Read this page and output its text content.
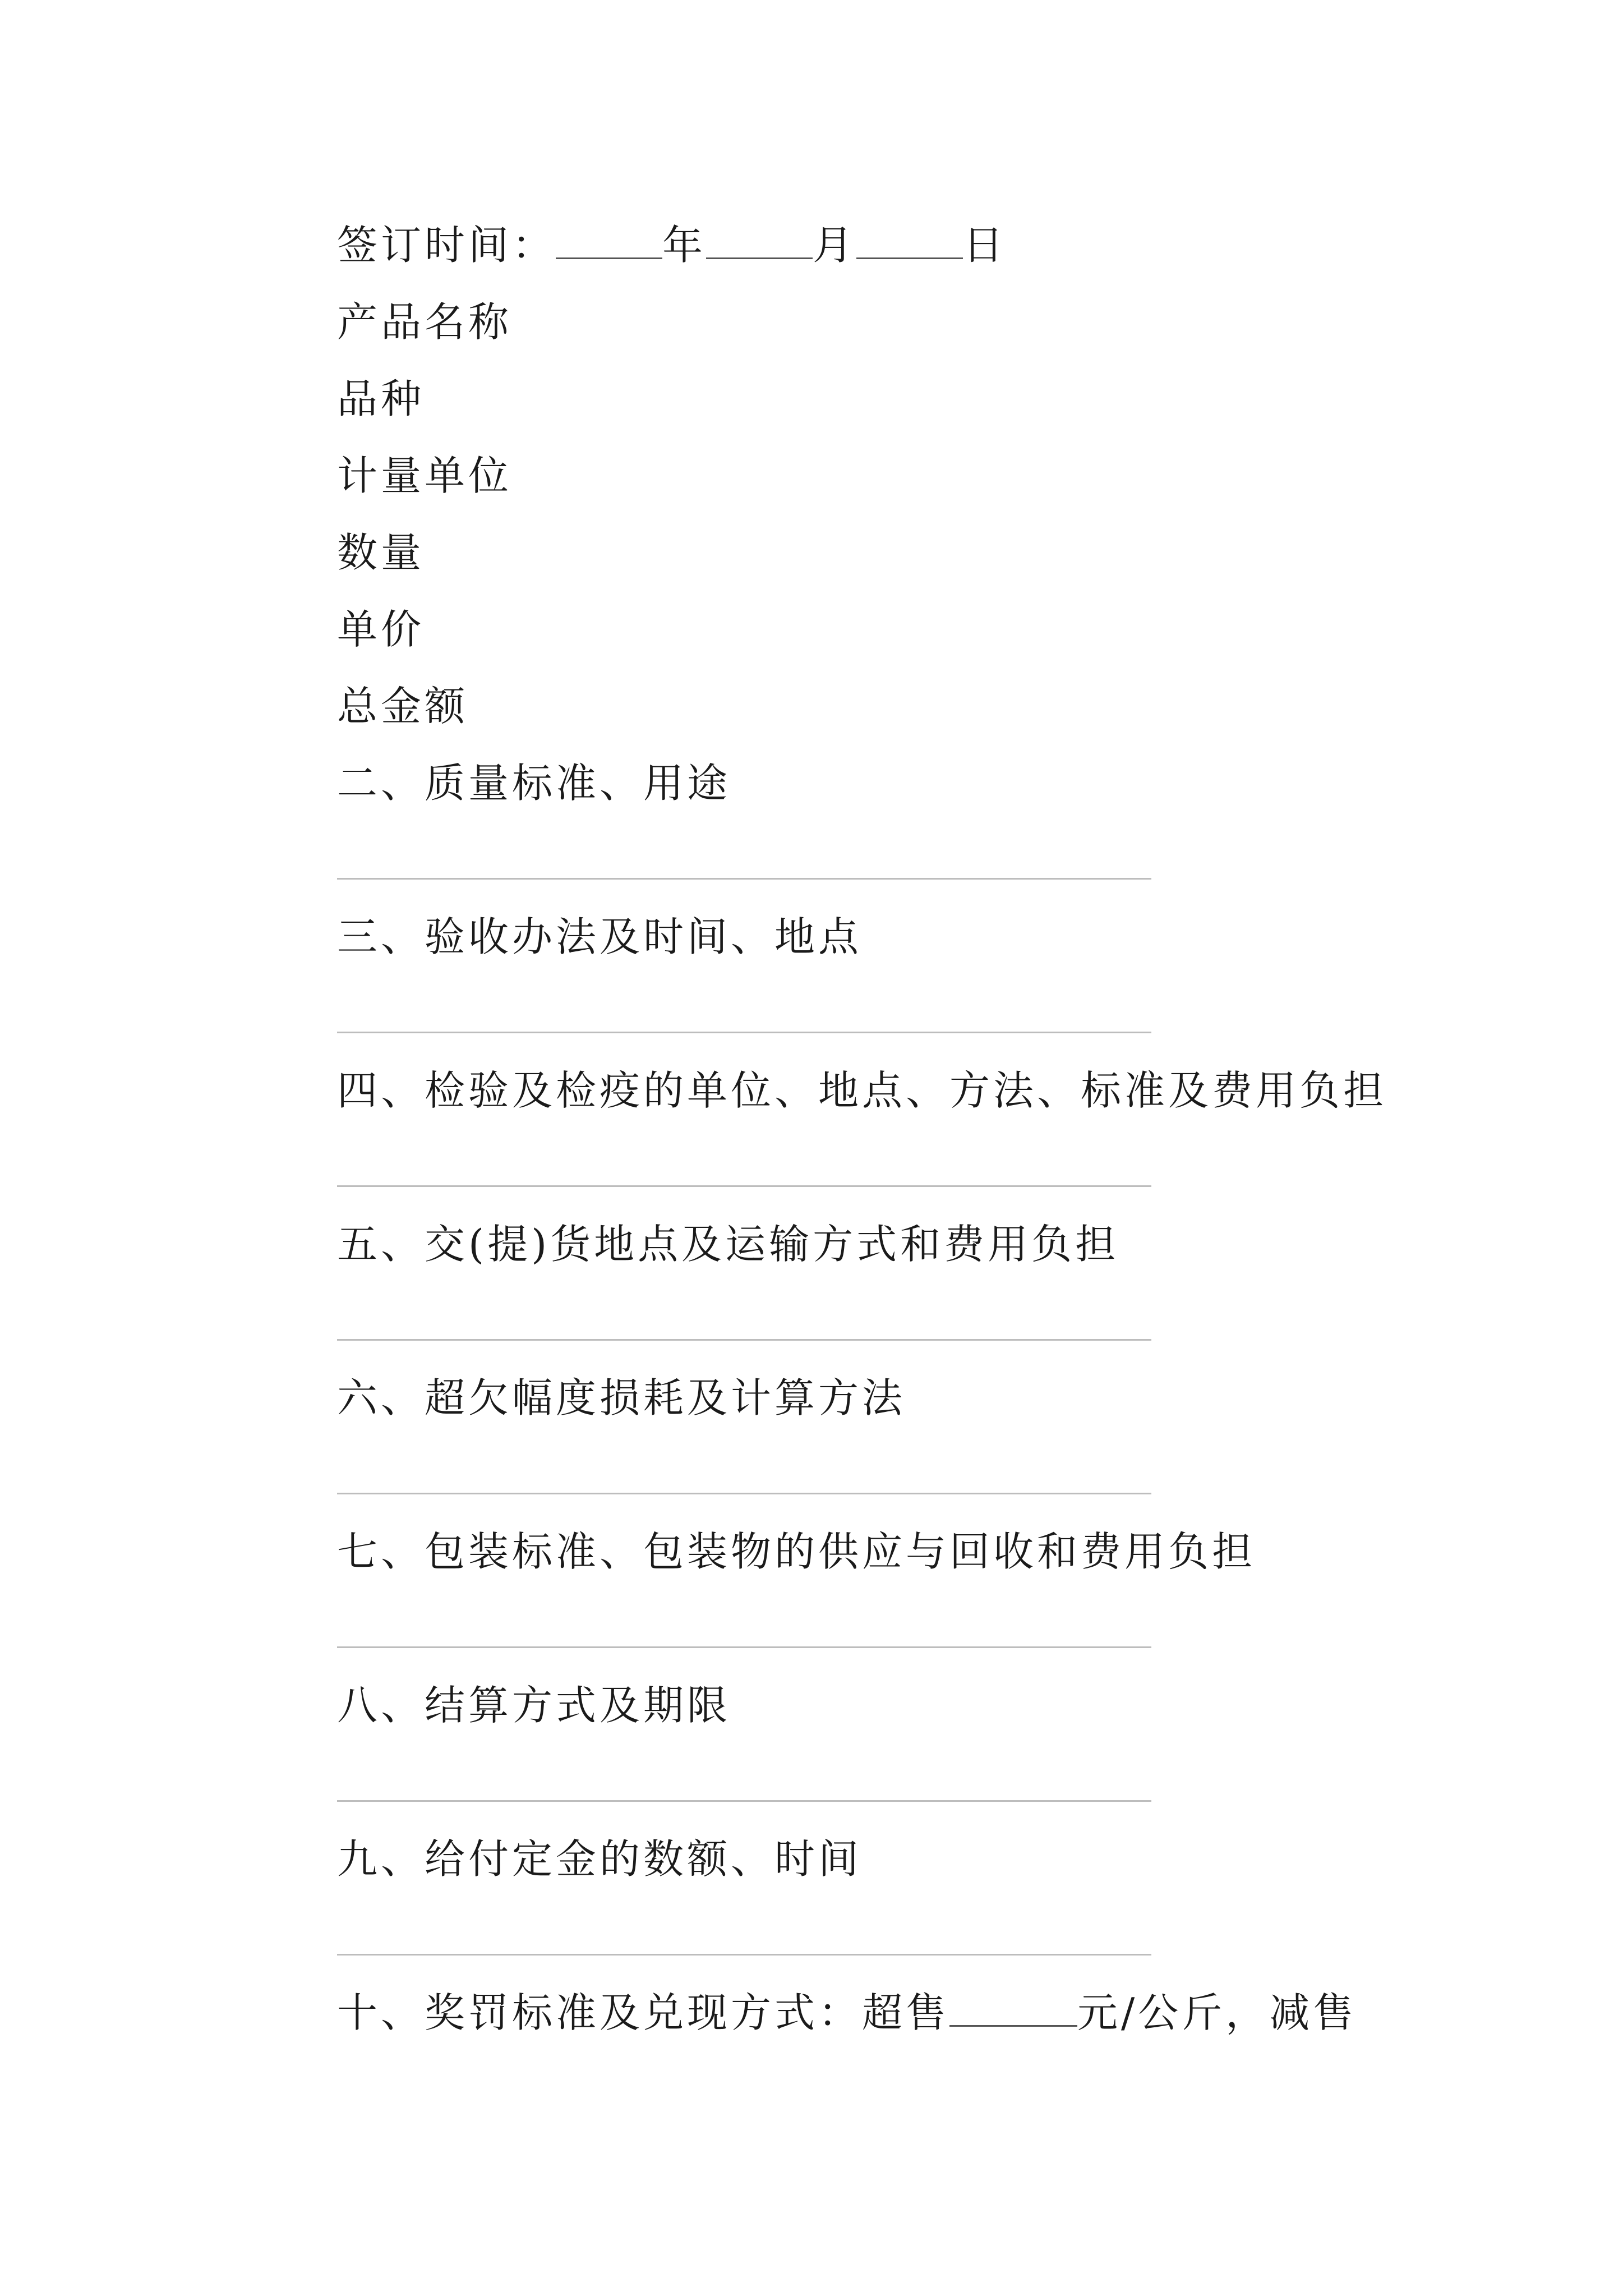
签订时间：	年	月	日
产品名称
品种
计量单位
数量
单价
总金额
二、质量标准、用途
三、验收办法及时间、地点
四、检验及检疫的单位、地点、方法、标准及费用负担
五、交(提)货地点及运输方式和费用负担
六、超欠幅度损耗及计算方法
七、包装标准、包装物的供应与回收和费用负担
八、结算方式及期限
九、给付定金的数额、时间
十、奖罚标准及兑现方式：超售	元/公斤，减售
